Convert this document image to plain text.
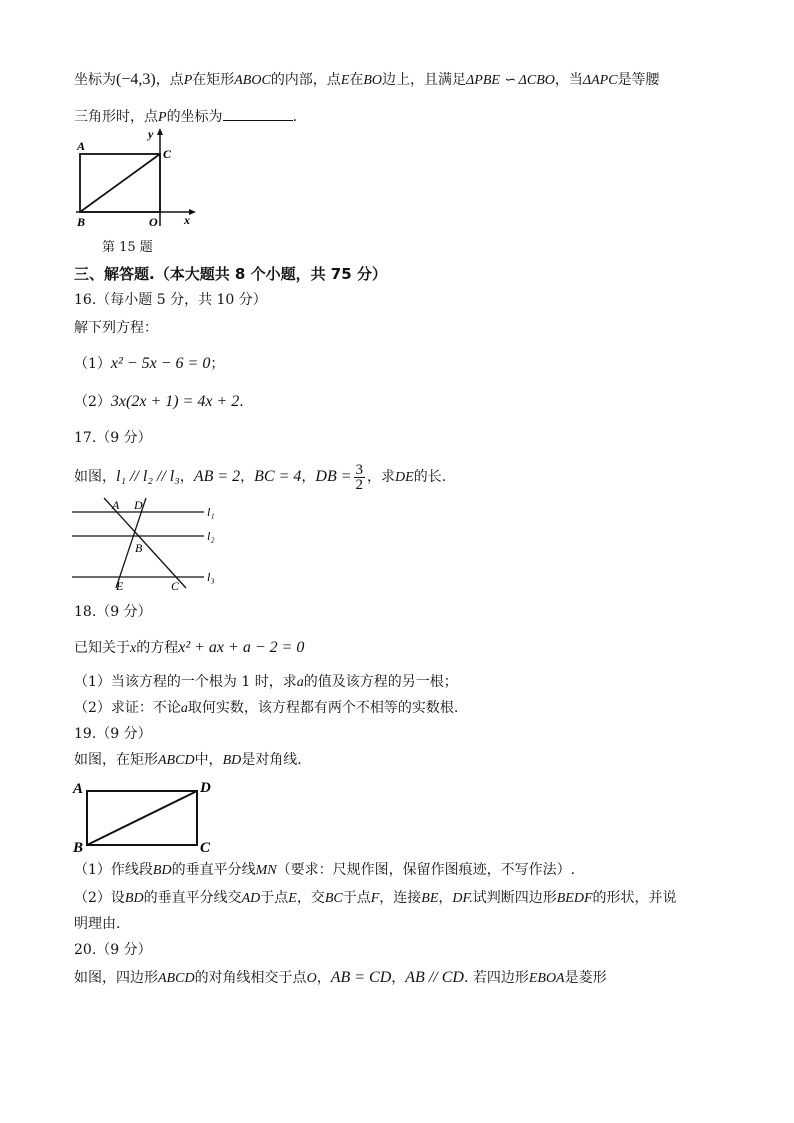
坐标为(−4,3)，点P在矩形ABOC的内部，点E在BO边上，且满足ΔPBE ∽ ΔCBO，当ΔAPC是等腰
三角形时，点P的坐标为	.
A
C
B	O x
y
第 15 题
三、解答题.（本大题共 8 个小题，共 75 分）
16.（每小题 5 分，共 10 分）
解下列方程：
（1）x² − 5x − 6 = 0；
（2）3x(2x + 1) = 4x + 2.
17.（9 分）
如图，l₁ // l₂ // l₃，AB = 2，BC = 4，DB = $\frac{3}{2}$ ，求DE的长.
A D
B
E	C
l₁
l₂
l₃
18.（9 分）
已知关于x的方程x² + ax + a − 2 = 0
（1）当该方程的一个根为 1 时，求a的值及该方程的另一根；
（2）求证：不论a取何实数，该方程都有两个不相等的实数根.
19.（9 分）
如图，在矩形ABCD中，BD是对角线.
A	D
B	C
（1）作线段BD的垂直平分线MN（要求：尺规作图，保留作图痕迹，不写作法）.
（2）设BD的垂直平分线交AD于点E，交BC于点F，连接BE，DF.试判断四边形BEDF的形状，并说
明理由.
20.（9 分）
如图，四边形ABCD的对角线相交于点O，AB = CD，AB // CD. 若四边形EBOA是菱形
